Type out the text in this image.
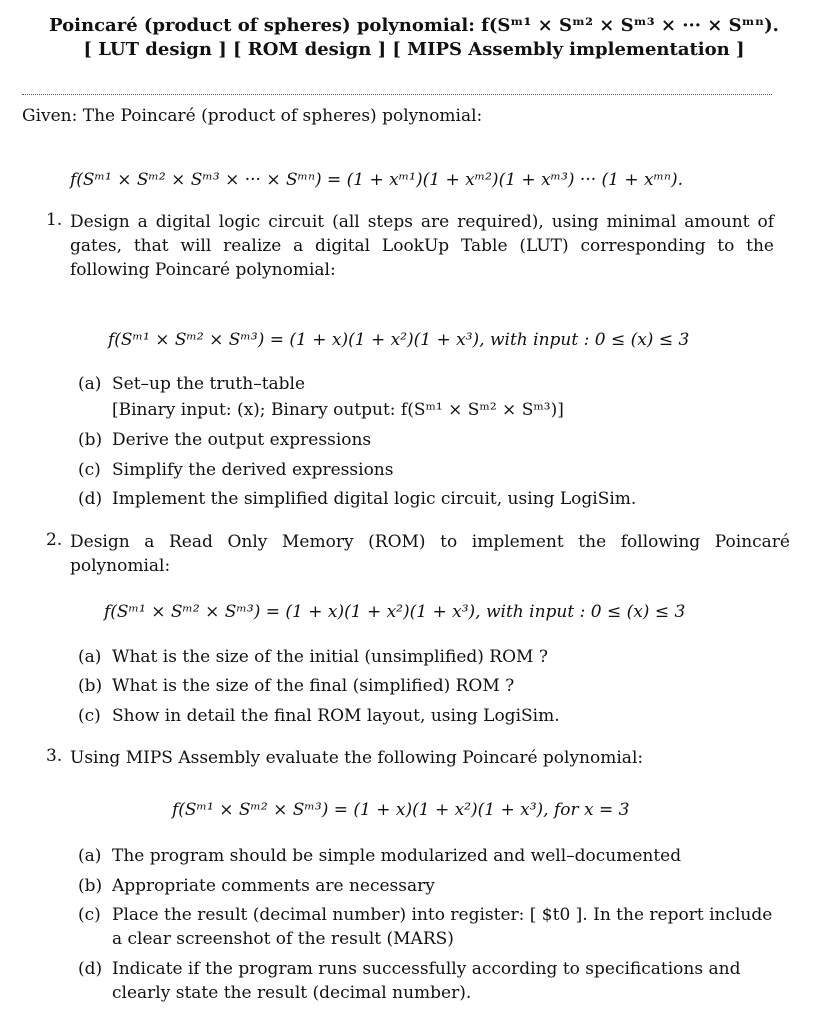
Poincaré (product of spheres) polynomial: f(Sᵐ¹ × Sᵐ² × Sᵐ³ × ··· × Sᵐⁿ).
[ LUT design ] [ ROM design ] [ MIPS Assembly implementation ]
Given: The Poincaré (product of spheres) polynomial:
f(Sᵐ¹ × Sᵐ² × Sᵐ³ × ··· × Sᵐⁿ) = (1 + xᵐ¹)(1 + xᵐ²)(1 + xᵐ³) ··· (1 + xᵐⁿ).
1. Design a digital logic circuit (all steps are required), using minimal amount of gates, that will realize a digital LookUp Table (LUT) corresponding to the following Poincaré polynomial:
f(Sᵐ¹ × Sᵐ² × Sᵐ³) = (1 + x)(1 + x²)(1 + x³), with input : 0 ≤ (x) ≤ 3
(a) Set–up the truth–table
[Binary input: (x); Binary output: f(Sᵐ¹ × Sᵐ² × Sᵐ³)]
(b) Derive the output expressions
(c) Simplify the derived expressions
(d) Implement the simplified digital logic circuit, using LogiSim.
2. Design a Read Only Memory (ROM) to implement the following Poincaré polynomial:
f(Sᵐ¹ × Sᵐ² × Sᵐ³) = (1 + x)(1 + x²)(1 + x³), with input : 0 ≤ (x) ≤ 3
(a) What is the size of the initial (unsimplified) ROM ?
(b) What is the size of the final (simplified) ROM ?
(c) Show in detail the final ROM layout, using LogiSim.
3. Using MIPS Assembly evaluate the following Poincaré polynomial:
f(Sᵐ¹ × Sᵐ² × Sᵐ³) = (1 + x)(1 + x²)(1 + x³), for x = 3
(a) The program should be simple modularized and well–documented
(b) Appropriate comments are necessary
(c) Place the result (decimal number) into register: [ $t0 ]. In the report include a clear screenshot of the result (MARS)
(d) Indicate if the program runs successfully according to specifications and clearly state the result (decimal number).
